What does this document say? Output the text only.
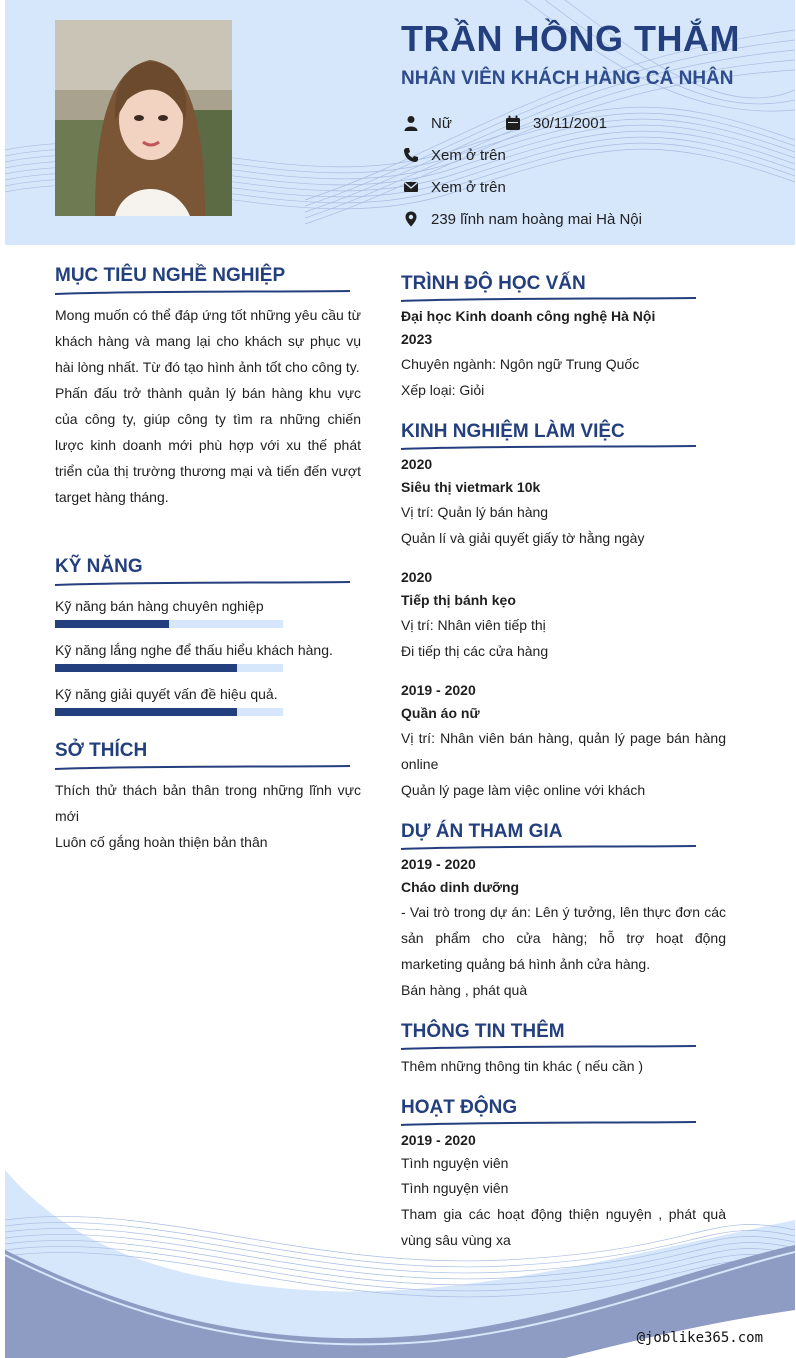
TRẦN HỒNG THẮM
NHÂN VIÊN KHÁCH HÀNG CÁ NHÂN
Nữ	30/11/2001
Xem ở trên
Xem ở trên
239 lĩnh nam hoàng mai Hà Nội
MỤC TIÊU NGHỀ NGHIỆP

Mong muốn có thể đáp ứng tốt những yêu cầu từ khách hàng và mang lại cho khách sự phục vụ hài lòng nhất. Từ đó tạo hình ảnh tốt cho công ty.

Phấn đấu trở thành quản lý bán hàng khu vực của công ty, giúp công ty tìm ra những chiến lược kinh doanh mới phù hợp với xu thế phát triển của thị trường thương mại và tiến đến vượt target hàng tháng.

KỸ NĂNG
Kỹ năng bán hàng chuyên nghiệp
Kỹ năng lắng nghe để thấu hiểu khách hàng.
Kỹ năng giải quyết vấn đề hiệu quả.
SỞ THÍCH

Thích thử thách bản thân trong những lĩnh vực mới

Luôn cố gắng hoàn thiện bản thân

TRÌNH ĐỘ HỌC VẤN
Đại học Kinh doanh công nghệ Hà Nội
2023
Chuyên ngành: Ngôn ngữ Trung Quốc
Xếp loại: Giỏi
KINH NGHIỆM LÀM VIỆC
2020
Siêu thị vietmark 10k
Vị trí: Quản lý bán hàng
Quản lí và giải quyết giấy tờ hằng ngày
2020
Tiếp thị bánh kẹo
Vị trí: Nhân viên tiếp thị
Đi tiếp thị các cửa hàng
2019 - 2020
Quần áo nữ
Vị trí: Nhân viên bán hàng, quản lý page bán hàng online
Quản lý page làm việc online với khách
DỰ ÁN THAM GIA
2019 - 2020
Cháo dinh dưỡng
- Vai trò trong dự án: Lên ý tưởng, lên thực đơn các sản phẩm cho cửa hàng; hỗ trợ hoạt động marketing quảng bá hình ảnh cửa hàng.
Bán hàng , phát quà
THÔNG TIN THÊM
Thêm những thông tin khác ( nếu cần )
HOẠT ĐỘNG
2019 - 2020
Tình nguyện viên
Tình nguyện viên
Tham gia các hoạt động thiện nguyện , phát quà vùng sâu vùng xa
@joblike365.com
